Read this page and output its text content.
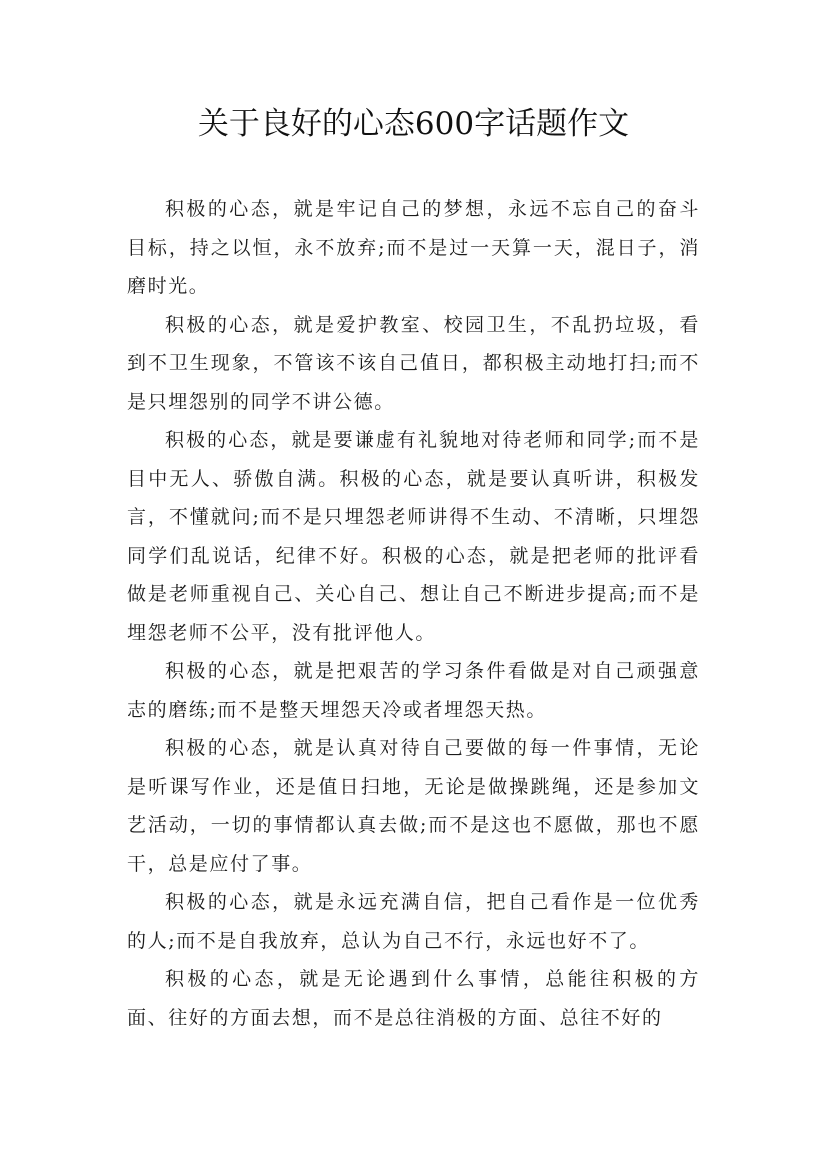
关于良好的心态600字话题作文

积极的心态，就是牢记自己的梦想，永远不忘自己的奋斗目标，持之以恒，永不放弃;而不是过一天算一天，混日子，消磨时光。

积极的心态，就是爱护教室、校园卫生，不乱扔垃圾，看到不卫生现象，不管该不该自己值日，都积极主动地打扫;而不是只埋怨别的同学不讲公德。

积极的心态，就是要谦虚有礼貌地对待老师和同学;而不是目中无人、骄傲自满。积极的心态，就是要认真听讲，积极发言，不懂就问;而不是只埋怨老师讲得不生动、不清晰，只埋怨同学们乱说话，纪律不好。积极的心态，就是把老师的批评看做是老师重视自己、关心自己、想让自己不断进步提高;而不是埋怨老师不公平，没有批评他人。

积极的心态，就是把艰苦的学习条件看做是对自己顽强意志的磨练;而不是整天埋怨天冷或者埋怨天热。

积极的心态，就是认真对待自己要做的每一件事情，无论是听课写作业，还是值日扫地，无论是做操跳绳，还是参加文艺活动，一切的事情都认真去做;而不是这也不愿做，那也不愿干，总是应付了事。

积极的心态，就是永远充满自信，把自己看作是一位优秀的人;而不是自我放弃，总认为自己不行，永远也好不了。

积极的心态，就是无论遇到什么事情，总能往积极的方面、往好的方面去想，而不是总往消极的方面、总往不好的
